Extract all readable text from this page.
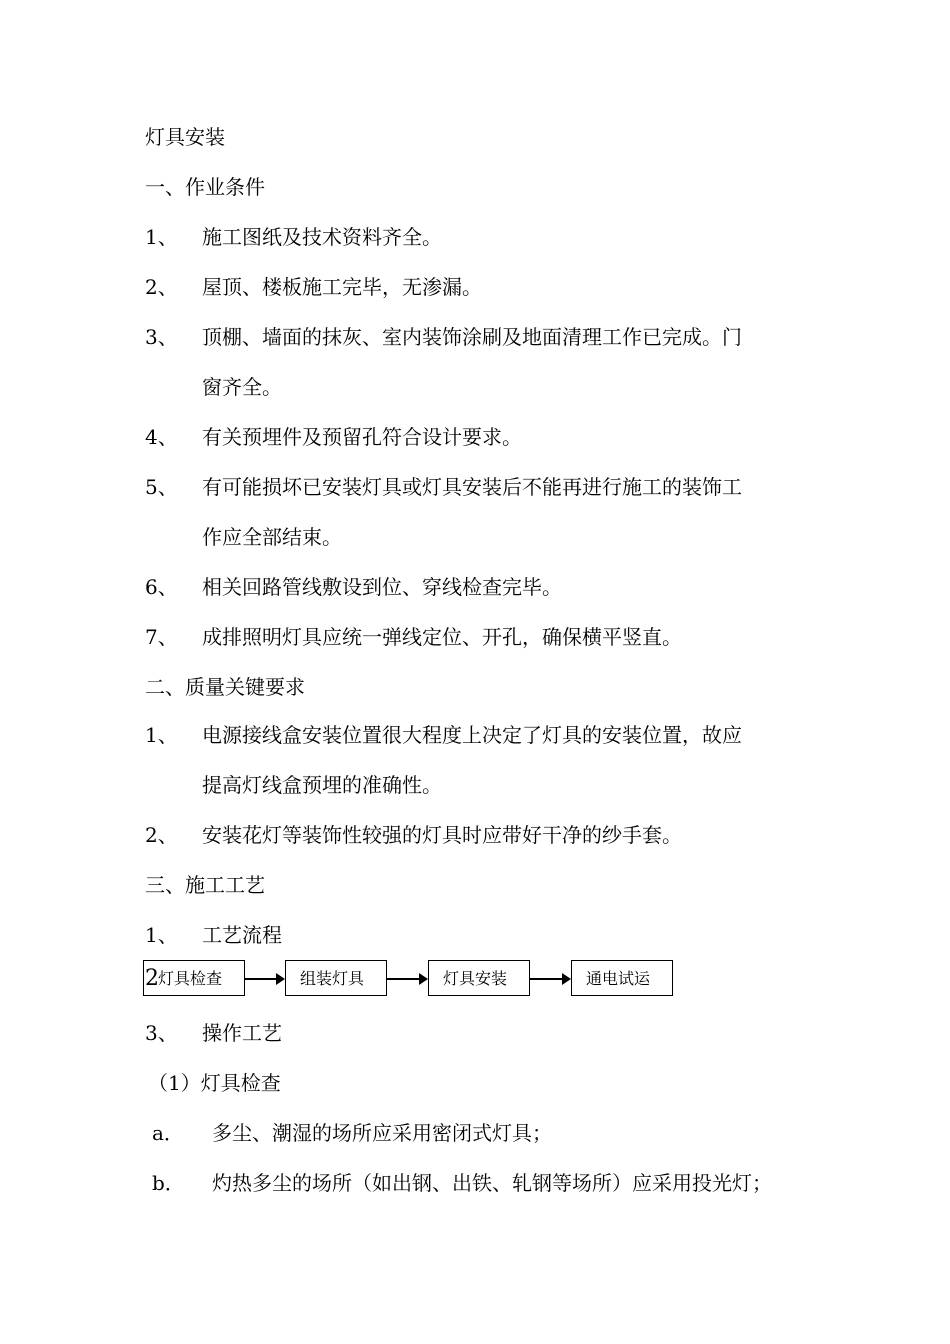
灯具安装
一、作业条件
1、 施工图纸及技术资料齐全。
2、 屋顶、楼板施工完毕，无渗漏。
3、 顶棚、墙面的抹灰、室内装饰涂刷及地面清理工作已完成。门
窗齐全。
4、 有关预埋件及预留孔符合设计要求。
5、 有可能损坏已安装灯具或灯具安装后不能再进行施工的装饰工
作应全部结束。
6、 相关回路管线敷设到位、穿线检查完毕。
7、 成排照明灯具应统一弹线定位、开孔，确保横平竖直。
二、质量关键要求
1、 电源接线盒安装位置很大程度上决定了灯具的安装位置，故应
提高灯线盒预埋的准确性。
2、 安装花灯等装饰性较强的灯具时应带好干净的纱手套。
三、施工工艺
1、 工艺流程
灯具检查
2	组装灯具	灯具安装	通电试运
3、 操作工艺
（1）灯具检查
a． 多尘、潮湿的场所应采用密闭式灯具；
b． 灼热多尘的场所（如出钢、出铁、轧钢等场所）应采用投光灯；
